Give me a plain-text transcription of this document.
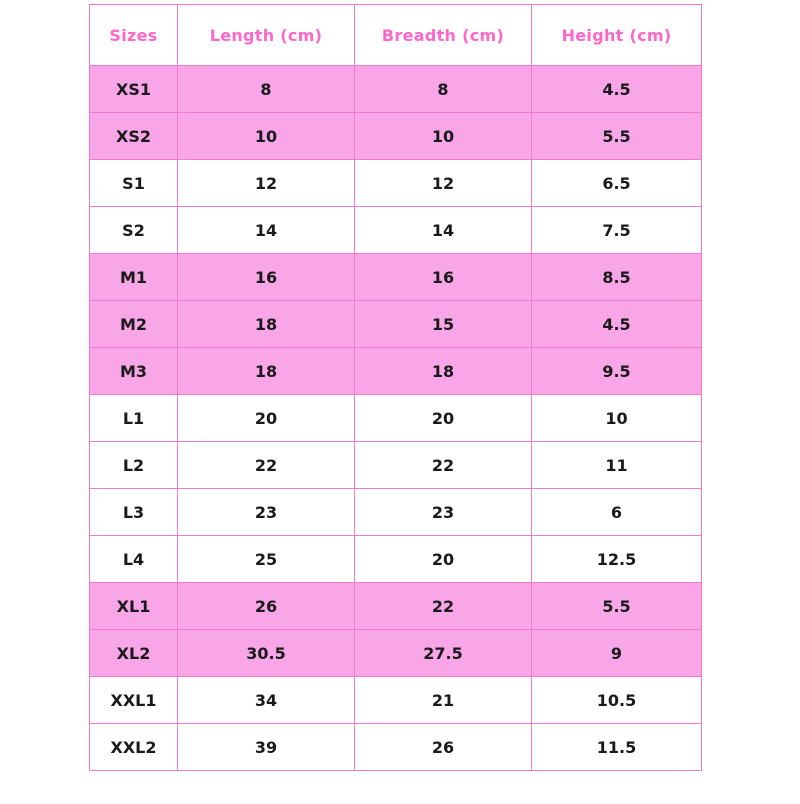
Sizes	Length (cm)	Breadth (cm)	Height (cm)
XS1	8	8	4.5
XS2	10	10	5.5
S1	12	12	6.5
S2	14	14	7.5
M1	16	16	8.5
M2	18	15	4.5
M3	18	18	9.5
L1	20	20	10
L2	22	22	11
L3	23	23	6
L4	25	20	12.5
XL1	26	22	5.5
XL2	30.5	27.5	9
XXL1	34	21	10.5
XXL2	39	26	11.5
